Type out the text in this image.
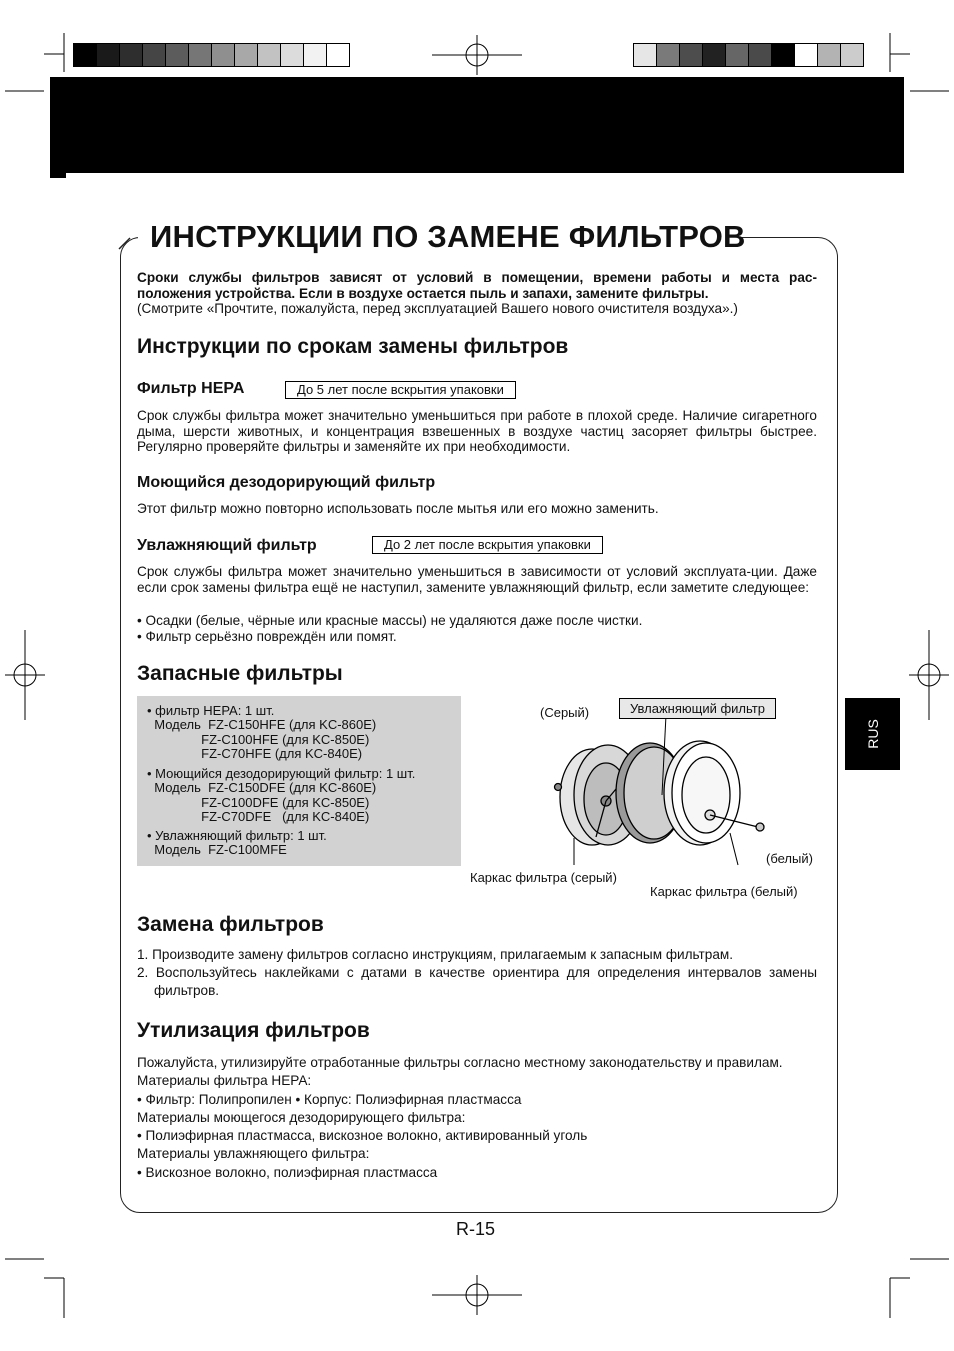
ИНСТРУКЦИИ ПО ЗАМЕНЕ ФИЛЬТРОВ
Сроки службы фильтров зависят от условий в помещении, времени работы и места рас-положения устройства. Если в воздухе остается пыль и запахи, замените фильтры.
(Смотрите «Прочтите, пожалуйста, перед эксплуатацией Вашего нового очистителя воздуха».)
Инструкции по срокам замены фильтров
Фильтр HEPA	До 5 лет после вскрытия упаковки
Срок службы фильтра может значительно уменьшиться при работе в плохой среде. Наличие сигаретного дыма, шерсти животных, и концентрация взвешенных в воздухе частиц засоряет фильтры быстрее. Регулярно проверяйте фильтры и заменяйте их при необходимости.
Моющийся дезодорирующий фильтр
Этот фильтр можно повторно использовать после мытья или его можно заменить.
Увлажняющий фильтр	До 2 лет после вскрытия упаковки
Срок службы фильтра может значительно уменьшиться в зависимости от условий эксплуата-ции. Даже если срок замены фильтра ещё не наступил, замените увлажняющий фильтр, если заметите следующее:
• Осадки (белые, чёрные или красные массы) не удаляются даже после чистки.
• Фильтр серьёзно повреждён или помят.
Запасные фильтры
• фильтр HEPA: 1 шт.
Модель  FZ-C150HFE (для KC-860E)
FZ-C100HFE (для KC-850E)
FZ-C70HFE (для KC-840E)
• Моющийся дезодорирующий фильтр: 1 шт.
Модель  FZ-C150DFE (для KC-860E)
FZ-C100DFE (для KC-850E)
FZ-C70DFE   (для KC-840E)
• Увлажняющий фильтр: 1 шт.
Модель  FZ-C100MFE
(Серый)	Увлажняющий фильтр
(белый)
Каркас фильтра (серый)
Каркас фильтра (белый)
Замена фильтров
1. Производите замену фильтров согласно инструкциям, прилагаемым к запасным фильтрам.
2. Воспользуйтесь наклейками с датами в качестве ориентира для определения интервалов замены фильтров.
Утилизация фильтров
Пожалуйста, утилизируйте отработанные фильтры согласно местному законодательству и правилам.
Материалы фильтра HEPA:
• Фильтр: Полипропилен • Корпус: Полиэфирная пластмасса
Материалы моющегося дезодорирующего фильтра:
• Полиэфирная пластмасса, вискозное волокно, активированный уголь
Материалы увлажняющего фильтра:
• Вискозное волокно, полиэфирная пластмасса
RUS
R-15
